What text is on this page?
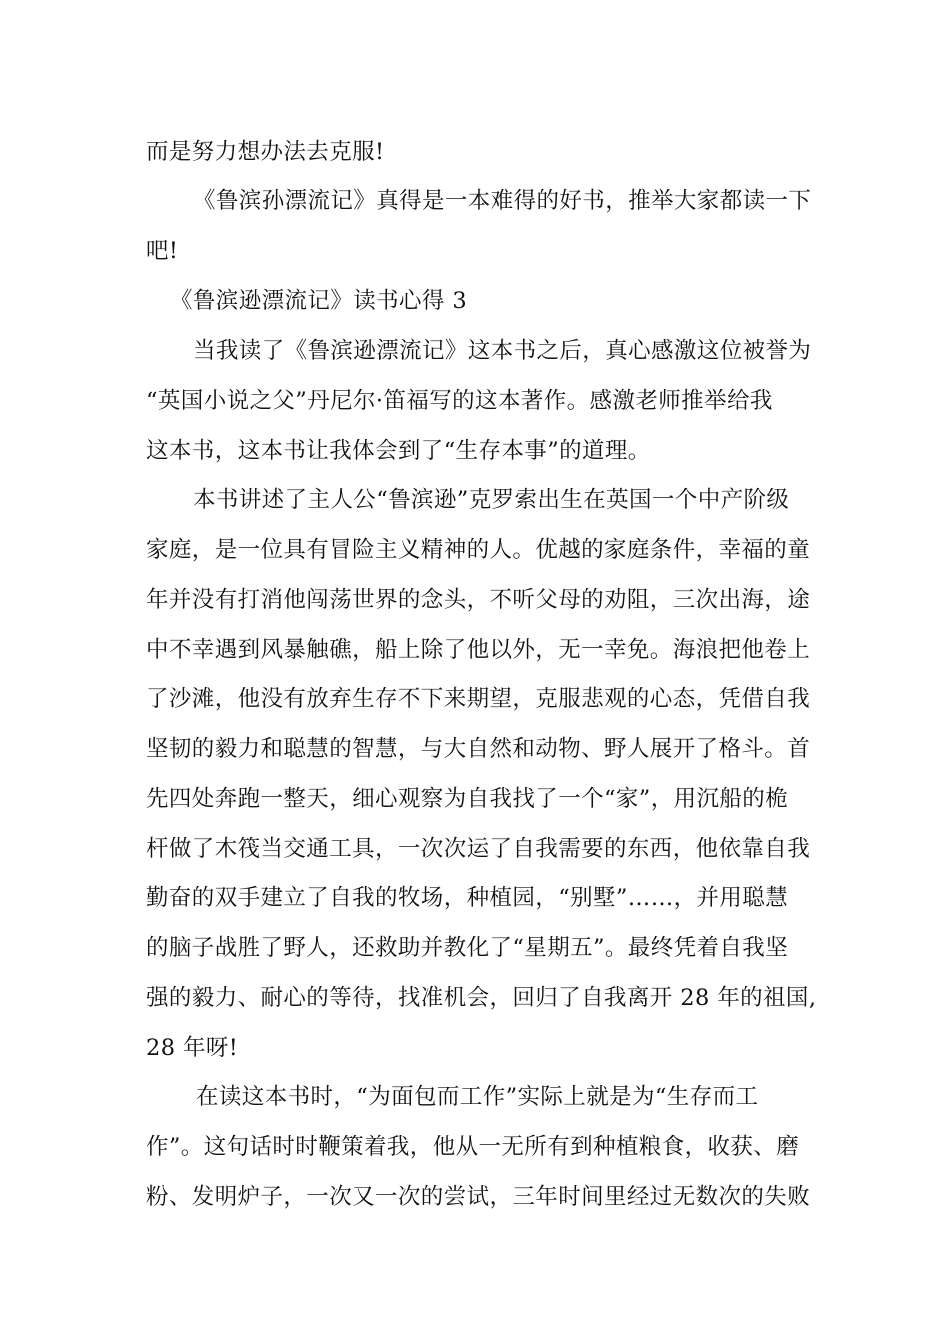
而是努力想办法去克服!
《鲁滨孙漂流记》真得是一本难得的好书，推举大家都读一下
吧!
《鲁滨逊漂流记》读书心得 3
当我读了《鲁滨逊漂流记》这本书之后，真心感激这位被誉为
“英国小说之父”丹尼尔·笛福写的这本著作。感激老师推举给我
这本书，这本书让我体会到了“生存本事”的道理。
本书讲述了主人公“鲁滨逊”克罗索出生在英国一个中产阶级
家庭，是一位具有冒险主义精神的人。优越的家庭条件，幸福的童
年并没有打消他闯荡世界的念头，不听父母的劝阻，三次出海，途
中不幸遇到风暴触礁，船上除了他以外，无一幸免。海浪把他卷上
了沙滩，他没有放弃生存不下来期望，克服悲观的心态，凭借自我
坚韧的毅力和聪慧的智慧，与大自然和动物、野人展开了格斗。首
先四处奔跑一整天，细心观察为自我找了一个“家”，用沉船的桅
杆做了木筏当交通工具，一次次运了自我需要的东西，他依靠自我
勤奋的双手建立了自我的牧场，种植园，“别墅”……，并用聪慧
的脑子战胜了野人，还救助并教化了“星期五”。最终凭着自我坚
强的毅力、耐心的等待，找准机会，回归了自我离开 28 年的祖国,
28 年呀!
在读这本书时，“为面包而工作”实际上就是为“生存而工
作”。这句话时时鞭策着我，他从一无所有到种植粮食，收获、磨
粉、发明炉子，一次又一次的尝试，三年时间里经过无数次的失败
